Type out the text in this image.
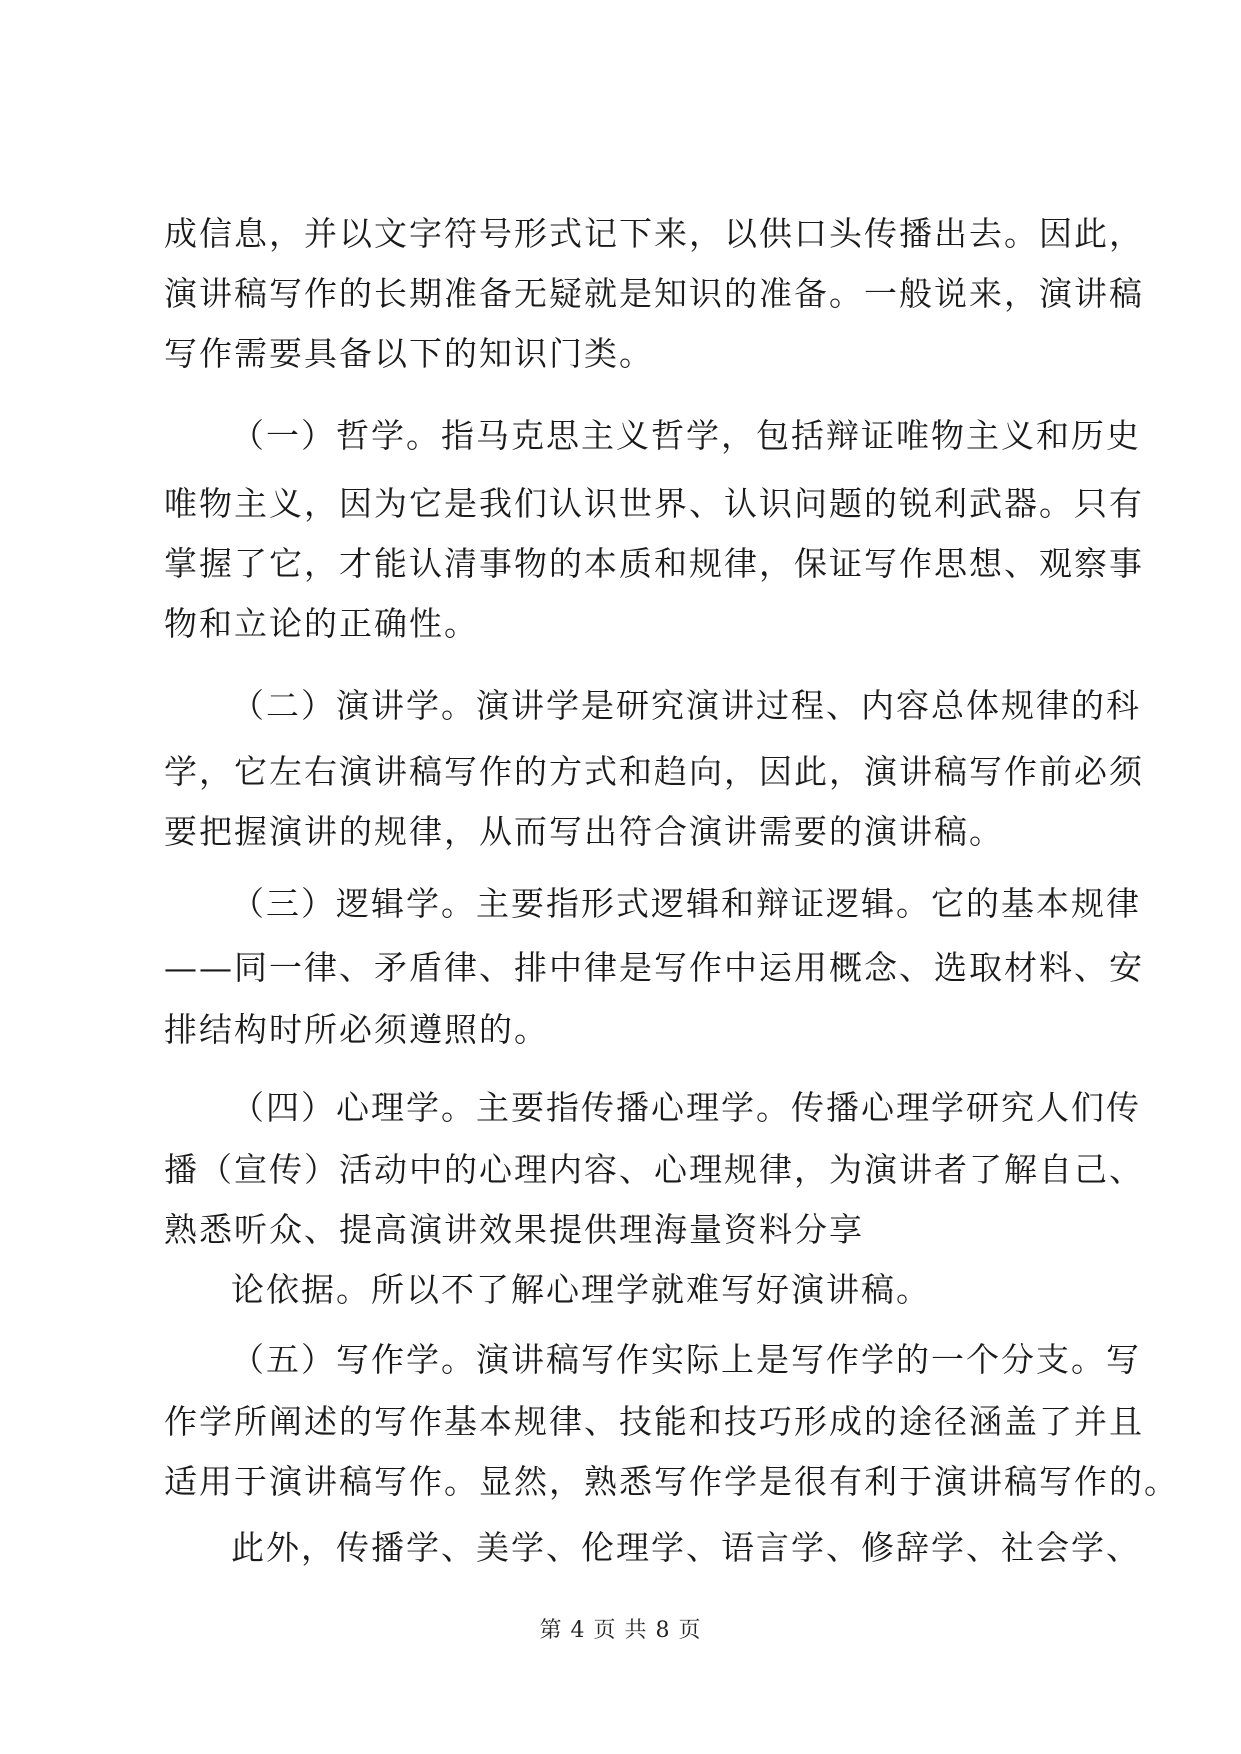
成信息，并以文字符号形式记下来，以供口头传播出去。因此，
演讲稿写作的长期准备无疑就是知识的准备。一般说来，演讲稿
写作需要具备以下的知识门类。
（一）哲学。指马克思主义哲学，包括辩证唯物主义和历史
唯物主义，因为它是我们认识世界、认识问题的锐利武器。只有
掌握了它，才能认清事物的本质和规律，保证写作思想、观察事
物和立论的正确性。
（二）演讲学。演讲学是研究演讲过程、内容总体规律的科
学，它左右演讲稿写作的方式和趋向，因此，演讲稿写作前必须
要把握演讲的规律，从而写出符合演讲需要的演讲稿。
（三）逻辑学。主要指形式逻辑和辩证逻辑。它的基本规律
——同一律、矛盾律、排中律是写作中运用概念、选取材料、安
排结构时所必须遵照的。
（四）心理学。主要指传播心理学。传播心理学研究人们传
播（宣传）活动中的心理内容、心理规律，为演讲者了解自己、
熟悉听众、提高演讲效果提供理海量资料分享
论依据。所以不了解心理学就难写好演讲稿。
（五）写作学。演讲稿写作实际上是写作学的一个分支。写
作学所阐述的写作基本规律、技能和技巧形成的途径涵盖了并且
适用于演讲稿写作。显然，熟悉写作学是很有利于演讲稿写作的。
此外，传播学、美学、伦理学、语言学、修辞学、社会学、
第 4 页 共 8 页
